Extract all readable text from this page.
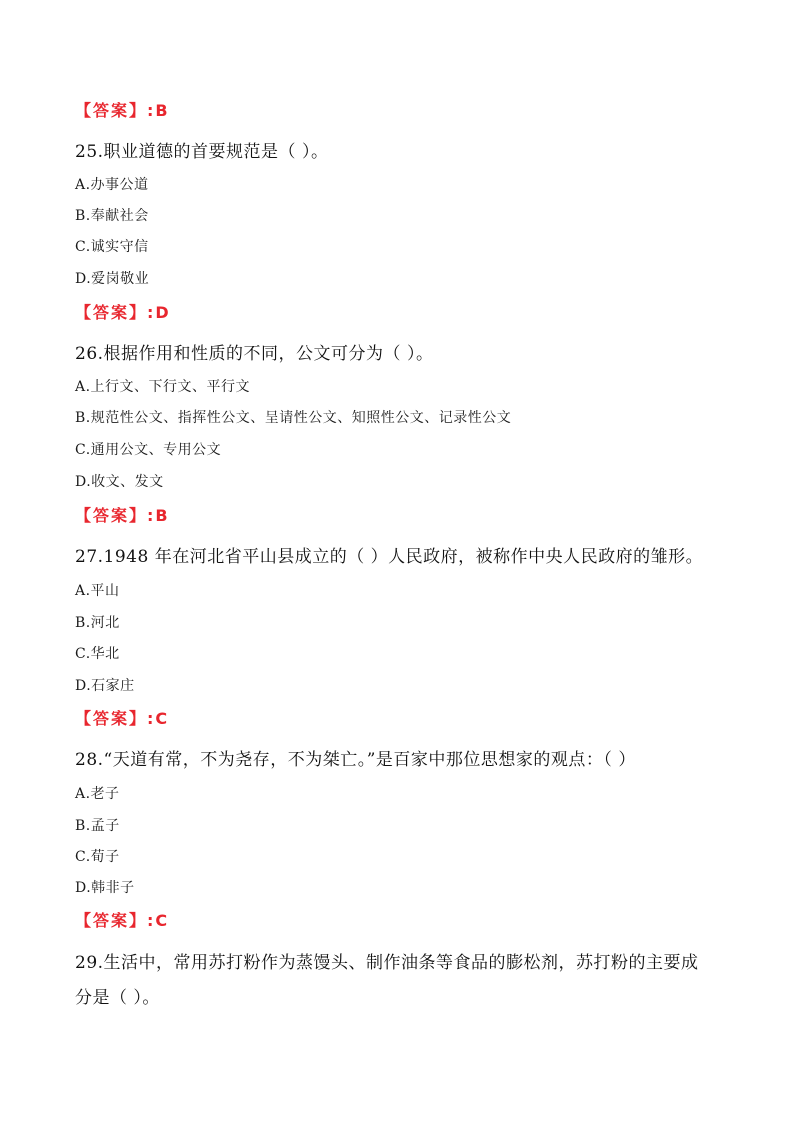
【答案】:B
25.职业道德的首要规范是（ ）。
A.办事公道
B.奉献社会
C.诚实守信
D.爱岗敬业
【答案】:D
26.根据作用和性质的不同，公文可分为（ ）。
A.上行文、下行文、平行文
B.规范性公文、指挥性公文、呈请性公文、知照性公文、记录性公文
C.通用公文、专用公文
D.收文、发文
【答案】:B
27.1948 年在河北省平山县成立的（ ）人民政府，被称作中央人民政府的雏形。
A.平山
B.河北
C.华北
D.石家庄
【答案】:C
28.“天道有常，不为尧存，不为桀亡。”是百家中那位思想家的观点：（ ）
A.老子
B.孟子
C.荀子
D.韩非子
【答案】:C
29.生活中，常用苏打粉作为蒸馒头、制作油条等食品的膨松剂，苏打粉的主要成
分是（ ）。
